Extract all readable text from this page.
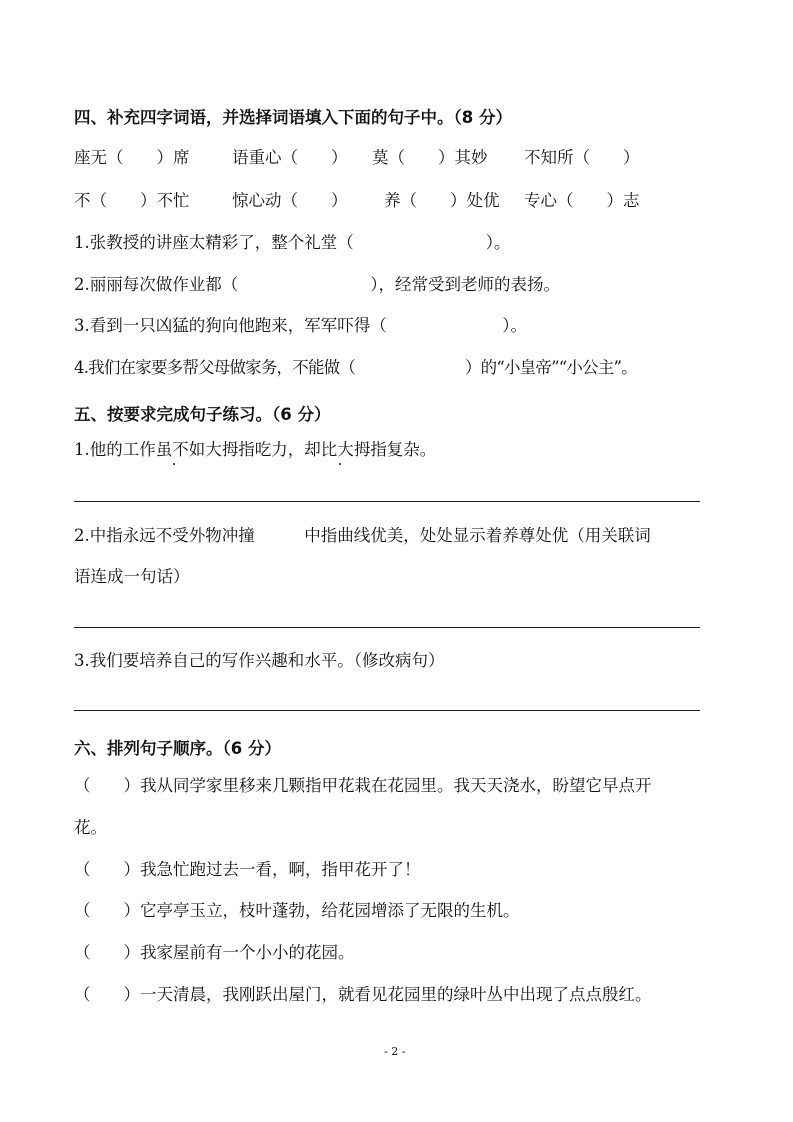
四、补充四字词语，并选择词语填入下面的句子中。（8 分）
座无（　　）席	语重心（　　） 莫（　　）其妙 不知所（　　）
不（　　）不忙	惊心动（　　） 养（　　）处优 专心（　　）志
1.张教授的讲座太精彩了，整个礼堂（　　　　　　　　）。
2.丽丽每次做作业都（　　　　　　　　），经常受到老师的表扬。
3.看到一只凶猛的狗向他跑来，军军吓得（　　　　　　　）。
4.我们在家要多帮父母做家务，不能做（　　　　　　　）的“小皇帝”“小公主”。
五、按要求完成句子练习。（6 分）
1.他的工作虽不如大拇指吃力，却比大拇指复杂。
2.中指永远不受外物冲撞　　　中指曲线优美，处处显示着养尊处优（用关联词
语连成一句话）
3.我们要培养自己的写作兴趣和水平。（修改病句）
六、排列句子顺序。（6 分）
（　　）我从同学家里移来几颗指甲花栽在花园里。我天天浇水，盼望它早点开
花。
（　　）我急忙跑过去一看，啊，指甲花开了！
（　　）它亭亭玉立，枝叶蓬勃，给花园增添了无限的生机。
（　　）我家屋前有一个小小的花园。
（　　）一天清晨，我刚跃出屋门，就看见花园里的绿叶丛中出现了点点殷红。
- 2 -
